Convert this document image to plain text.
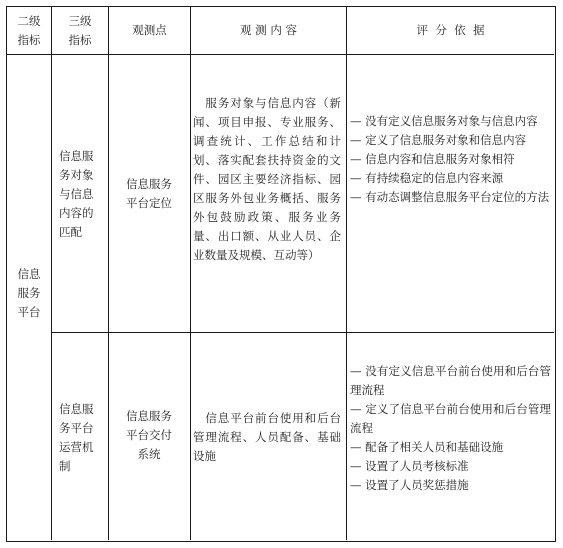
二级
指标
三级
指标
观测点	观 测 内 容	评  分  依  据
信息
服务
平台
信息服
务对象
与信息
内容的
匹配
信息服务
平台定位
　服务对象与信息内容（新闻、项目申报、专业服务、调查统计、工作总结和计划、落实配套扶持资金的文件、园区主要经济指标、园区服务外包业务概括、服务外包鼓励政策、服务业务量、出口额、从业人员、企业数量及规模、互动等）
— 没有定义信息服务对象与信息内容
— 定义了信息服务对象和信息内容
— 信息内容和信息服务对象相符
— 有持续稳定的信息内容来源
— 有动态调整信息服务平台定位的方法
信息服
务平台
运营机
制
信息服务
平台交付
系统
　信息平台前台使用和后台管理流程、人员配备、基础设施
— 没有定义信息平台前台使用和后台管理流程
— 定义了信息平台前台使用和后台管理流程
— 配备了相关人员和基础设施
— 设置了人员考核标准
— 设置了人员奖惩措施
